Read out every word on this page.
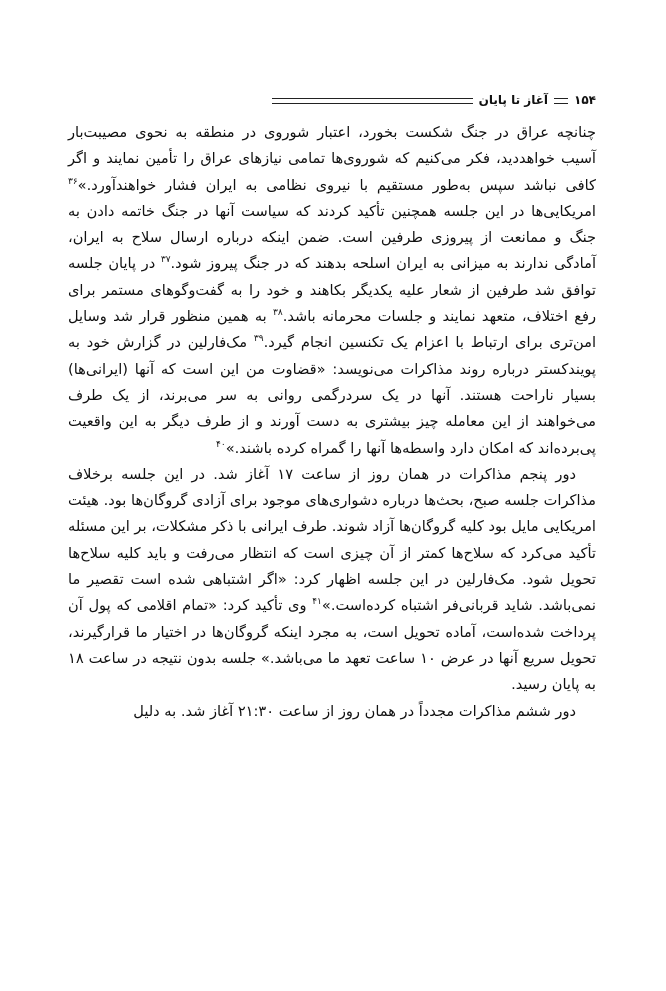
۱۵۴
آغاز تا پایان

چنانچه عراق در جنگ شکست بخورد، اعتبار شوروی در منطقه به نحوی مصیبت‌بار آسیب خواهددید، فکر می‌کنیم که شوروی‌ها تمامی نیازهای عراق را تأمین نمایند و اگر کافی نباشد سپس به‌طور مستقیم با نیروی نظامی به ایران فشار خواهندآورد.»$^{۳۶}$ امریکایی‌ها در این جلسه همچنین تأکید کردند که سیاست آنها در جنگ خاتمه دادن به جنگ و ممانعت از پیروزی طرفین است. ضمن اینکه درباره ارسال سلاح به ایران، آمادگی ندارند به میزانی به ایران اسلحه بدهند که در جنگ پیروز شود.$^{۳۷}$ در پایان جلسه توافق شد طرفین از شعار علیه یکدیگر بکاهند و خود را به گفت‌وگوهای مستمر برای رفع اختلاف، متعهد نمایند و جلسات محرمانه باشد.$^{۳۸}$ به همین منظور قرار شد وسایل امن‌تری برای ارتباط با اعزام یک تکنسین انجام گیرد.$^{۳۹}$ مک‌فارلین در گزارش خود به پویندکستر درباره روند مذاکرات می‌نویسد: «قضاوت من این است که آنها (ایرانی‌ها) بسیار ناراحت هستند. آنها در یک سردرگمی روانی به سر می‌برند، از یک طرف می‌خواهند از این معامله چیز بیشتری به دست آورند و از طرف دیگر به این واقعیت پی‌برده‌اند که امکان دارد واسطه‌ها آنها را گمراه کرده باشند.»$^{۴۰}$

دور پنجم مذاکرات در همان روز از ساعت ۱۷ آغاز شد. در این جلسه برخلاف مذاکرات جلسه صبح، بحث‌ها درباره دشواری‌های موجود برای آزادی گروگان‌ها بود. هیئت امریکایی مایل بود کلیه گروگان‌ها آزاد شوند. طرف ایرانی با ذکر مشکلات، بر این مسئله تأکید می‌کرد که سلاح‌ها کمتر از آن چیزی است که انتظار می‌رفت و باید کلیه سلاح‌ها تحویل شود. مک‌فارلین در این جلسه اظهار کرد: «اگر اشتباهی شده است تقصیر ما نمی‌باشد. شاید قربانی‌فر اشتباه کرده‌است.»$^{۴۱}$ وی تأکید کرد: «تمام اقلامی که پول آن پرداخت شده‌است، آماده تحویل است، به مجرد اینکه گروگان‌ها در اختیار ما قرارگیرند، تحویل سریع آنها در عرض ۱۰ ساعت تعهد ما می‌باشد.» جلسه بدون نتیجه در ساعت ۱۸ به پایان رسید.

دور ششم مذاکرات مجدداً در همان روز از ساعت ۲۱:۳۰ آغاز شد. به دلیل
